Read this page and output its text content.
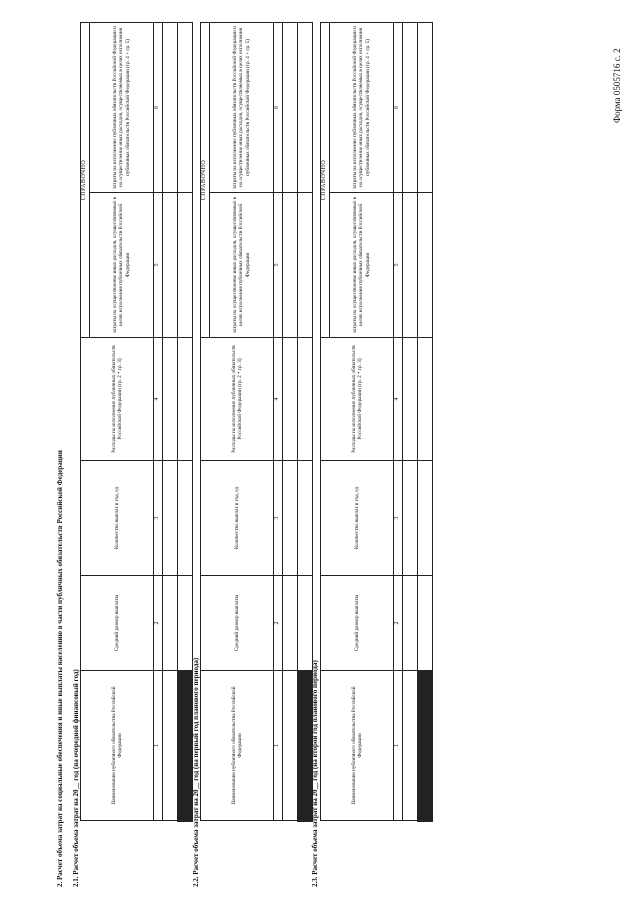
Форма 0505716 с. 2
2. Расчет объема затрат на социальные обеспечения и иные выплаты населению в части публичных обязательств Российской Федерации 2.1. Расчет объема затрат на 20__ год (на очередной финансовый год)	Наименование публичного обязательства Российской Федерации	Средний размер выплаты	Количество выплат в год, ед	Расходы на исполнение публичных обязательств Российской Федерации (гр. 2 * гр. 3)	СПРАВОЧНО	
				затраты на осуществление иных расходов, осуществляемых в целях исполнения публичных обязательств Российской Федерации	затраты на исполнение публичных обязательств Российской Федерации и на осуществление иных расходов, осуществляемых в целях исполнения публичных обязательств Российской Федерации (гр. 4 + гр. 5)
1	2	3	4	5	6

2.2. Расчет объема затрат на 20__ год (на первый год планового периода)	Наименование публичного обязательства Российской Федерации	Средний размер выплаты	Количество выплат в год, ед	Расходы на исполнение публичных обязательств Российской Федерации (гр. 2 * гр. 3)	СПРАВОЧНО	
				затраты на осуществление иных расходов, осуществляемых в целях исполнения публичных обязательств Российской Федерации	затраты на исполнение публичных обязательств Российской Федерации и на осуществление иных расходов, осуществляемых в целях исполнения публичных обязательств Российской Федерации (гр. 4 + гр. 5)
1	2	3	4	5	6

2.3. Расчет объема затрат на 20__ год (на второй год планового периода)	Наименование публичного обязательства Российской Федерации	Средний размер выплаты	Количество выплат в год, ед	Расходы на исполнение публичных обязательств Российской Федерации (гр. 2 * гр. 3)	СПРАВОЧНО	
				затраты на осуществление иных расходов, осуществляемых в целях исполнения публичных обязательств Российской Федерации	затраты на исполнение публичных обязательств Российской Федерации и на осуществление иных расходов, осуществляемых в целях исполнения публичных обязательств Российской Федерации (гр. 4 + гр. 5)
1	2	3	4	5	6
